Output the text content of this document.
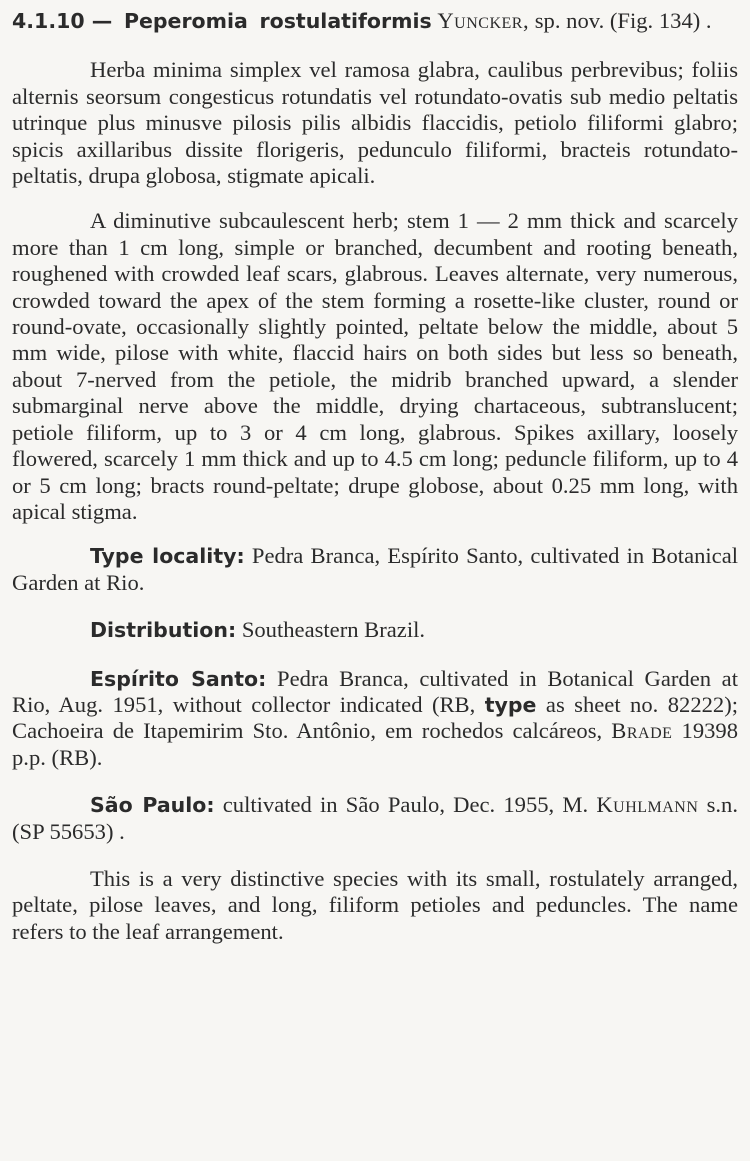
4.1.10 — Peperomia rostulatiformis Yuncker, sp. nov. (Fig. 134) .

Herba minima simplex vel ramosa glabra, caulibus perbrevibus; foliis alternis seorsum congesticus rotundatis vel rotundato-ovatis sub medio peltatis utrinque plus minusve pilosis pilis albidis flaccidis, petiolo filiformi glabro; spicis axillaribus dissite florigeris, pedunculo filiformi, bracteis rotundato-peltatis, drupa globosa, stigmate apicali.

A diminutive subcaulescent herb; stem 1 — 2 mm thick and scarcely more than 1 cm long, simple or branched, decumbent and rooting beneath, roughened with crowded leaf scars, glabrous. Leaves alternate, very numerous, crowded toward the apex of the stem forming a rosette-like cluster, round or round-ovate, occasionally slightly pointed, peltate below the middle, about 5 mm wide, pilose with white, flaccid hairs on both sides but less so beneath, about 7-nerved from the petiole, the midrib branched upward, a slender submarginal nerve above the middle, drying chartaceous, subtranslucent; petiole filiform, up to 3 or 4 cm long, glabrous. Spikes axillary, loosely flowered, scarcely 1 mm thick and up to 4.5 cm long; peduncle filiform, up to 4 or 5 cm long; bracts round-peltate; drupe globose, about 0.25 mm long, with apical stigma.

Type locality: Pedra Branca, Espírito Santo, cultivated in Botanical Garden at Rio.

Distribution: Southeastern Brazil.

Espírito Santo: Pedra Branca, cultivated in Botanical Garden at Rio, Aug. 1951, without collector indicated (RB, type as sheet no. 82222); Cachoeira de Itapemirim Sto. Antônio, em rochedos calcáreos, Brade 19398 p.p. (RB).

São Paulo: cultivated in São Paulo, Dec. 1955, M. Kuhlmann s.n. (SP 55653) .

This is a very distinctive species with its small, rostulately arranged, peltate, pilose leaves, and long, filiform petioles and peduncles. The name refers to the leaf arrangement.
